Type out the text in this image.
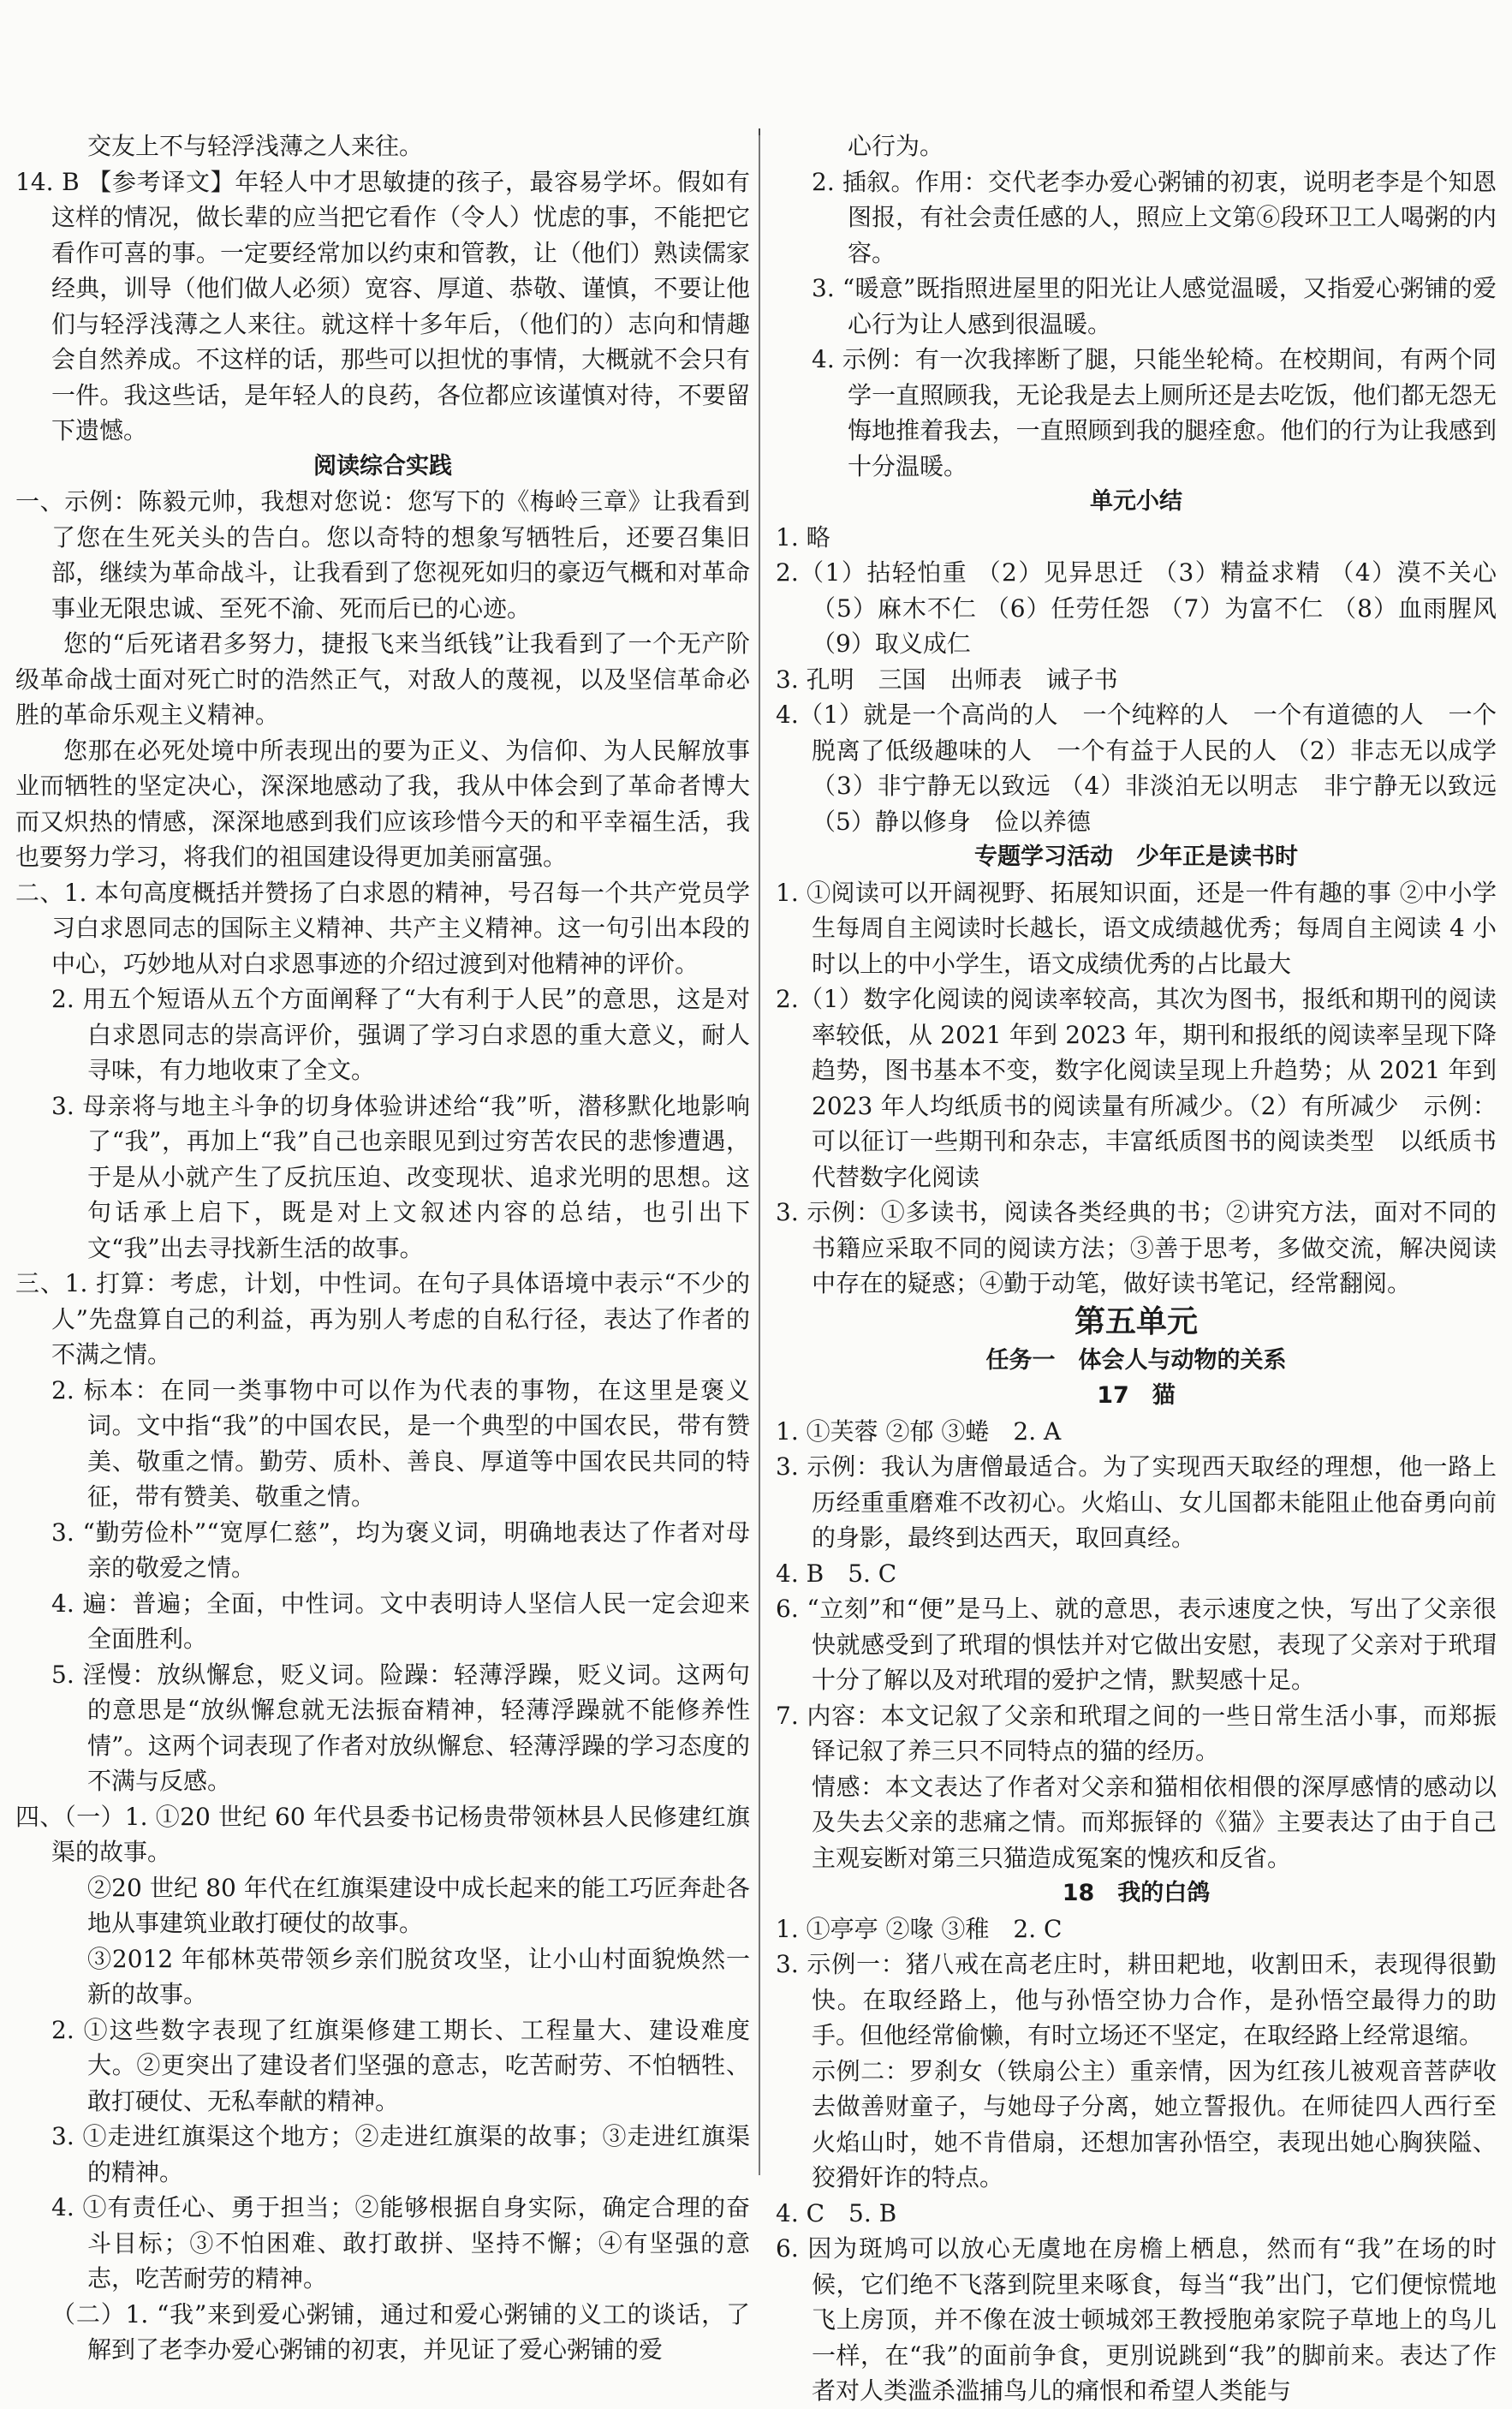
交友上不与轻浮浅薄之人来往。

14. B 【参考译文】年轻人中才思敏捷的孩子，最容易学坏。假如有这样的情况，做长辈的应当把它看作（令人）忧虑的事，不能把它看作可喜的事。一定要经常加以约束和管教，让（他们）熟读儒家经典，训导（他们做人必须）宽容、厚道、恭敬、谨慎，不要让他们与轻浮浅薄之人来往。就这样十多年后，（他们的）志向和情趣会自然养成。不这样的话，那些可以担忧的事情，大概就不会只有一件。我这些话，是年轻人的良药，各位都应该谨慎对待，不要留下遗憾。

阅读综合实践

一、示例：陈毅元帅，我想对您说：您写下的《梅岭三章》让我看到了您在生死关头的告白。您以奇特的想象写牺牲后，还要召集旧部，继续为革命战斗，让我看到了您视死如归的豪迈气概和对革命事业无限忠诚、至死不渝、死而后已的心迹。

您的“后死诸君多努力，捷报飞来当纸钱”让我看到了一个无产阶级革命战士面对死亡时的浩然正气，对敌人的蔑视，以及坚信革命必胜的革命乐观主义精神。

您那在必死处境中所表现出的要为正义、为信仰、为人民解放事业而牺牲的坚定决心，深深地感动了我，我从中体会到了革命者博大而又炽热的情感，深深地感到我们应该珍惜今天的和平幸福生活，我也要努力学习，将我们的祖国建设得更加美丽富强。

二、1. 本句高度概括并赞扬了白求恩的精神，号召每一个共产党员学习白求恩同志的国际主义精神、共产主义精神。这一句引出本段的中心，巧妙地从对白求恩事迹的介绍过渡到对他精神的评价。

2. 用五个短语从五个方面阐释了“大有利于人民”的意思，这是对白求恩同志的崇高评价，强调了学习白求恩的重大意义，耐人寻味，有力地收束了全文。

3. 母亲将与地主斗争的切身体验讲述给“我”听，潜移默化地影响了“我”，再加上“我”自己也亲眼见到过穷苦农民的悲惨遭遇，于是从小就产生了反抗压迫、改变现状、追求光明的思想。这句话承上启下，既是对上文叙述内容的总结，也引出下文“我”出去寻找新生活的故事。

三、1. 打算：考虑，计划，中性词。在句子具体语境中表示“不少的人”先盘算自己的利益，再为别人考虑的自私行径，表达了作者的不满之情。

2. 标本：在同一类事物中可以作为代表的事物，在这里是褒义词。文中指“我”的中国农民，是一个典型的中国农民，带有赞美、敬重之情。勤劳、质朴、善良、厚道等中国农民共同的特征，带有赞美、敬重之情。

3. “勤劳俭朴”“宽厚仁慈”，均为褒义词，明确地表达了作者对母亲的敬爱之情。

4. 遍：普遍；全面，中性词。文中表明诗人坚信人民一定会迎来全面胜利。

5. 淫慢：放纵懈怠，贬义词。险躁：轻薄浮躁，贬义词。这两句的意思是“放纵懈怠就无法振奋精神，轻薄浮躁就不能修养性情”。这两个词表现了作者对放纵懈怠、轻薄浮躁的学习态度的不满与反感。

四、（一）1. ①20 世纪 60 年代县委书记杨贵带领林县人民修建红旗渠的故事。

②20 世纪 80 年代在红旗渠建设中成长起来的能工巧匠奔赴各地从事建筑业敢打硬仗的故事。

③2012 年郁林英带领乡亲们脱贫攻坚，让小山村面貌焕然一新的故事。

2. ①这些数字表现了红旗渠修建工期长、工程量大、建设难度大。②更突出了建设者们坚强的意志，吃苦耐劳、不怕牺牲、敢打硬仗、无私奉献的精神。

3. ①走进红旗渠这个地方；②走进红旗渠的故事；③走进红旗渠的精神。

4. ①有责任心、勇于担当；②能够根据自身实际，确定合理的奋斗目标；③不怕困难、敢打敢拼、坚持不懈；④有坚强的意志，吃苦耐劳的精神。

（二）1. “我”来到爱心粥铺，通过和爱心粥铺的义工的谈话，了解到了老李办爱心粥铺的初衷，并见证了爱心粥铺的爱

心行为。

2. 插叙。作用：交代老李办爱心粥铺的初衷，说明老李是个知恩图报，有社会责任感的人，照应上文第⑥段环卫工人喝粥的内容。

3. “暖意”既指照进屋里的阳光让人感觉温暖，又指爱心粥铺的爱心行为让人感到很温暖。

4. 示例：有一次我摔断了腿，只能坐轮椅。在校期间，有两个同学一直照顾我，无论我是去上厕所还是去吃饭，他们都无怨无悔地推着我去，一直照顾到我的腿痊愈。他们的行为让我感到十分温暖。

单元小结

1. 略

2.（1）拈轻怕重 （2）见异思迁 （3）精益求精 （4）漠不关心 （5）麻木不仁 （6）任劳任怨 （7）为富不仁 （8）血雨腥风 （9）取义成仁

3. 孔明　三国　出师表　诫子书

4.（1）就是一个高尚的人　一个纯粹的人　一个有道德的人　一个脱离了低级趣味的人　一个有益于人民的人 （2）非志无以成学 （3）非宁静无以致远 （4）非淡泊无以明志　非宁静无以致远 （5）静以修身　俭以养德

专题学习活动　少年正是读书时

1. ①阅读可以开阔视野、拓展知识面，还是一件有趣的事 ②中小学生每周自主阅读时长越长，语文成绩越优秀；每周自主阅读 4 小时以上的中小学生，语文成绩优秀的占比最大

2.（1）数字化阅读的阅读率较高，其次为图书，报纸和期刊的阅读率较低，从 2021 年到 2023 年，期刊和报纸的阅读率呈现下降趋势，图书基本不变，数字化阅读呈现上升趋势；从 2021 年到 2023 年人均纸质书的阅读量有所减少。（2）有所减少　示例：可以征订一些期刊和杂志，丰富纸质图书的阅读类型　以纸质书代替数字化阅读

3. 示例：①多读书，阅读各类经典的书；②讲究方法，面对不同的书籍应采取不同的阅读方法；③善于思考，多做交流，解决阅读中存在的疑惑；④勤于动笔，做好读书笔记，经常翻阅。

第五单元

任务一　体会人与动物的关系

17　猫

1. ①芙蓉 ②郁 ③蜷　2. A

3. 示例：我认为唐僧最适合。为了实现西天取经的理想，他一路上历经重重磨难不改初心。火焰山、女儿国都未能阻止他奋勇向前的身影，最终到达西天，取回真经。

4. B　5. C

6. “立刻”和“便”是马上、就的意思，表示速度之快，写出了父亲很快就感受到了玳瑁的惧怯并对它做出安慰，表现了父亲对于玳瑁十分了解以及对玳瑁的爱护之情，默契感十足。

7. 内容：本文记叙了父亲和玳瑁之间的一些日常生活小事，而郑振铎记叙了养三只不同特点的猫的经历。

情感：本文表达了作者对父亲和猫相依相偎的深厚感情的感动以及失去父亲的悲痛之情。而郑振铎的《猫》主要表达了由于自己主观妄断对第三只猫造成冤案的愧疚和反省。

18　我的白鸽

1. ①亭亭 ②喙 ③稚　2. C

3. 示例一：猪八戒在高老庄时，耕田耙地，收割田禾，表现得很勤快。在取经路上，他与孙悟空协力合作，是孙悟空最得力的助手。但他经常偷懒，有时立场还不坚定，在取经路上经常退缩。

示例二：罗刹女（铁扇公主）重亲情，因为红孩儿被观音菩萨收去做善财童子，与她母子分离，她立誓报仇。在师徒四人西行至火焰山时，她不肯借扇，还想加害孙悟空，表现出她心胸狭隘、狡猾奸诈的特点。

4. C　5. B

6. 因为斑鸠可以放心无虞地在房檐上栖息，然而有“我”在场的时候，它们绝不飞落到院里来啄食，每当“我”出门，它们便惊慌地飞上房顶，并不像在波士顿城郊王教授胞弟家院子草地上的鸟儿一样，在“我”的面前争食，更別说跳到“我”的脚前来。表达了作者对人类滥杀滥捕鸟儿的痛恨和希望人类能与
